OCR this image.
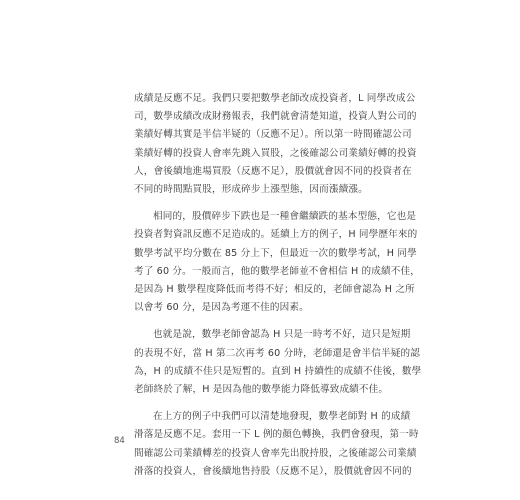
成績是反應不足。我們只要把數學老師改成投資者，L 同學改成公
司，數學成績改成財務報表，我們就會清楚知道，投資人對公司的
業績好轉其實是半信半疑的（反應不足）。所以第一時間確認公司
業績好轉的投資人會率先跳入買股，之後確認公司業績好轉的投資
人，會後續地進場買股（反應不足），股價就會因不同的投資者在
不同的時間點買股，形成碎步上漲型態，因而漲續漲。

相同的，股價碎步下跌也是一種會繼續跌的基本型態，它也是
投資者對資訊反應不足造成的。延續上方的例子，H 同學歷年來的
數學考試平均分數在 85 分上下，但最近一次的數學考試，H 同學
考了 60 分。一般而言，他的數學老師並不會相信 H 的成績不佳，
是因為 H 數學程度降低而考得不好；相反的，老師會認為 H 之所
以會考 60 分，是因為考運不佳的因素。

也就是說，數學老師會認為 H 只是一時考不好，這只是短期
的表現不好，當 H 第二次再考 60 分時，老師還是會半信半疑的認
為，H 的成績不佳只是短暫的。直到 H 持續性的成績不佳後，數學
老師終於了解，H 是因為他的數學能力降低導致成績不佳。

在上方的例子中我們可以清楚地發現，數學老師對 H 的成績
滑落是反應不足。套用一下 L 例的顏色轉換，我們會發現，第一時
間確認公司業績轉差的投資人會率先出脫持股，之後確認公司業績
滑落的投資人，會後續地售持股（反應不足），股價就會因不同的

84
